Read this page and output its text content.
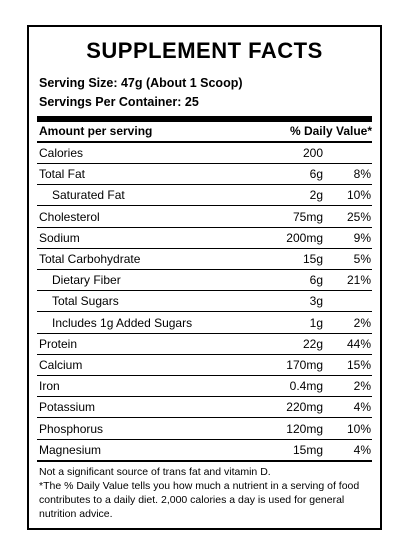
SUPPLEMENT FACTS
Serving Size: 47g (About 1 Scoop)
Servings Per Container: 25
Amount per serving	% Daily Value*
Calories	200
Total Fat	6g	8%
Saturated Fat	2g 10%
Cholesterol	75mg 25%
Sodium	200mg	9%
Total Carbohydrate	15g	5%
Dietary Fiber	6g 21%
Total Sugars	3g
Includes 1g Added Sugars	1g	2%
Protein	22g 44%
Calcium	170mg 15%
Iron	0.4mg	2%
Potassium	220mg	4%
Phosphorus	120mg 10%
Magnesium	15mg	4%
Not a significant source of trans fat and vitamin D.
*The % Daily Value tells you how much a nutrient in a serving of food contributes to a daily diet. 2,000 calories a day is used for general nutrition advice.
